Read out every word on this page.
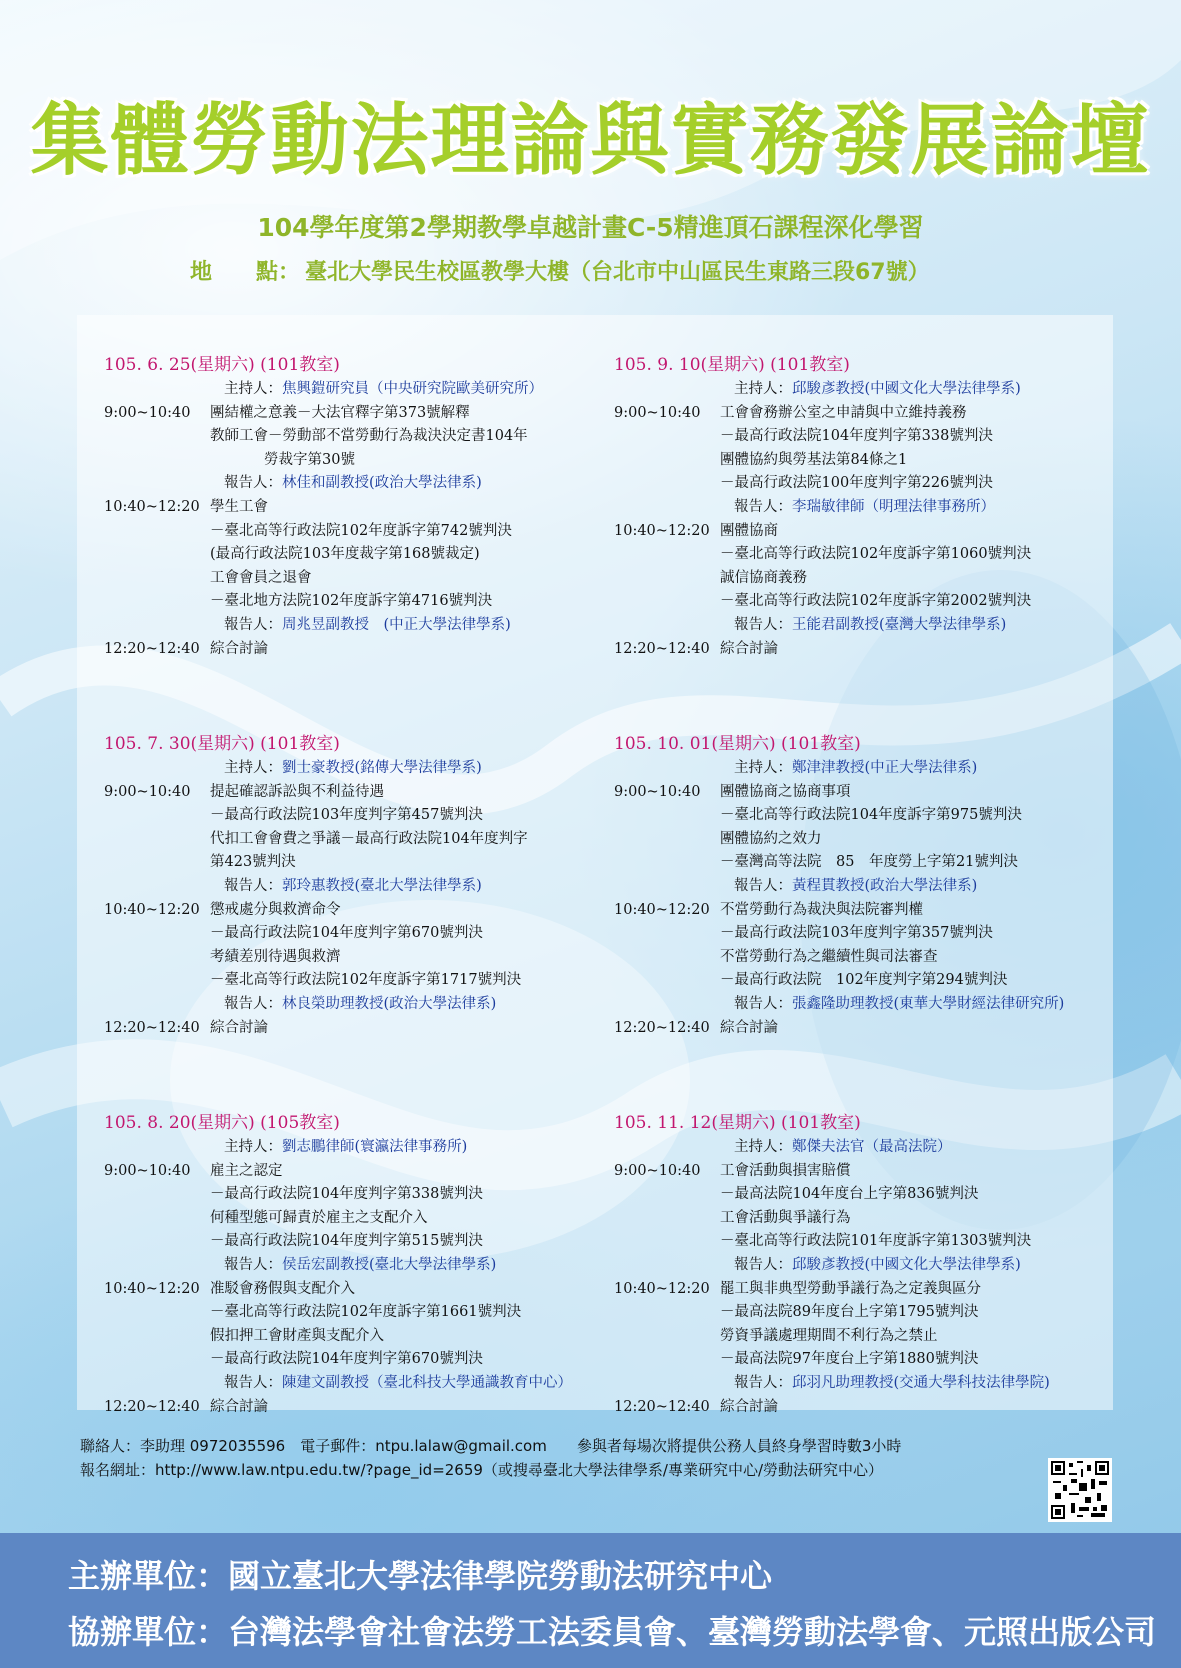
集體勞動法理論與實務發展論壇
104學年度第2學期教學卓越計畫C-5精進頂石課程深化學習
地　　點： 臺北大學民生校區教學大樓（台北市中山區民生東路三段67號）
105. 6. 25(星期六) (101教室)
主持人：焦興鎧研究員（中央研究院歐美研究所）
9:00~10:40	團結權之意義－大法官釋字第373號解釋
教師工會－勞動部不當勞動行為裁決決定書104年
勞裁字第30號
報告人：林佳和副教授(政治大學法律系)
10:40~12:20 學生工會
－臺北高等行政法院102年度訴字第742號判決
(最高行政法院103年度裁字第168號裁定)
工會會員之退會
－臺北地方法院102年度訴字第4716號判決
報告人：周兆昱副教授　(中正大學法律學系)
12:20~12:40 綜合討論
105. 9. 10(星期六) (101教室)
主持人：邱駿彥教授(中國文化大學法律學系)
9:00~10:40	工會會務辦公室之申請與中立維持義務
－最高行政法院104年度判字第338號判決
團體協約與勞基法第84條之1
－最高行政法院100年度判字第226號判決
報告人：李瑞敏律師（明理法律事務所）
10:40~12:20 團體協商
－臺北高等行政法院102年度訴字第1060號判決
誠信協商義務
－臺北高等行政法院102年度訴字第2002號判決
報告人：王能君副教授(臺灣大學法律學系)
12:20~12:40 綜合討論
105. 7. 30(星期六) (101教室)
主持人：劉士豪教授(銘傳大學法律學系)
9:00~10:40	提起確認訴訟與不利益待遇
－最高行政法院103年度判字第457號判決
代扣工會會費之爭議－最高行政法院104年度判字
第423號判決
報告人：郭玲惠教授(臺北大學法律學系)
10:40~12:20 懲戒處分與救濟命令
－最高行政法院104年度判字第670號判決
考績差別待遇與救濟
－臺北高等行政法院102年度訴字第1717號判決
報告人：林良榮助理教授(政治大學法律系)
12:20~12:40 綜合討論
105. 10. 01(星期六) (101教室)
主持人：鄭津津教授(中正大學法律系)
9:00~10:40	團體協商之協商事項
－臺北高等行政法院104年度訴字第975號判決
團體協約之效力
－臺灣高等法院　85　年度勞上字第21號判決
報告人：黃程貫教授(政治大學法律系)
10:40~12:20 不當勞動行為裁決與法院審判權
－最高行政法院103年度判字第357號判決
不當勞動行為之繼續性與司法審查
－最高行政法院　102年度判字第294號判決
報告人：張鑫隆助理教授(東華大學財經法律研究所)
12:20~12:40 綜合討論
105. 8. 20(星期六) (105教室)
主持人：劉志鵬律師(寰瀛法律事務所)
9:00~10:40	雇主之認定
－最高行政法院104年度判字第338號判決
何種型態可歸責於雇主之支配介入
－最高行政法院104年度判字第515號判決
報告人：侯岳宏副教授(臺北大學法律學系)
10:40~12:20 准駁會務假與支配介入
－臺北高等行政法院102年度訴字第1661號判決
假扣押工會財產與支配介入
－最高行政法院104年度判字第670號判決
報告人：陳建文副教授（臺北科技大學通識教育中心）
12:20~12:40 綜合討論
105. 11. 12(星期六) (101教室)
主持人：鄭傑夫法官（最高法院）
9:00~10:40	工會活動與損害賠償
－最高法院104年度台上字第836號判決
工會活動與爭議行為
－臺北高等行政法院101年度訴字第1303號判決
報告人：邱駿彥教授(中國文化大學法律學系)
10:40~12:20 罷工與非典型勞動爭議行為之定義與區分
－最高法院89年度台上字第1795號判決
勞資爭議處理期間不利行為之禁止
－最高法院97年度台上字第1880號判決
報告人：邱羽凡助理教授(交通大學科技法律學院)
12:20~12:40 綜合討論
聯絡人：李助理 0972035596　電子郵件：ntpu.lalaw@gmail.com　　參與者每場次將提供公務人員終身學習時數3小時
報名網址：http://www.law.ntpu.edu.tw/?page_id=2659（或搜尋臺北大學法律學系/專業研究中心/勞動法研究中心）
主辦單位：國立臺北大學法律學院勞動法研究中心
協辦單位：台灣法學會社會法勞工法委員會、臺灣勞動法學會、元照出版公司
